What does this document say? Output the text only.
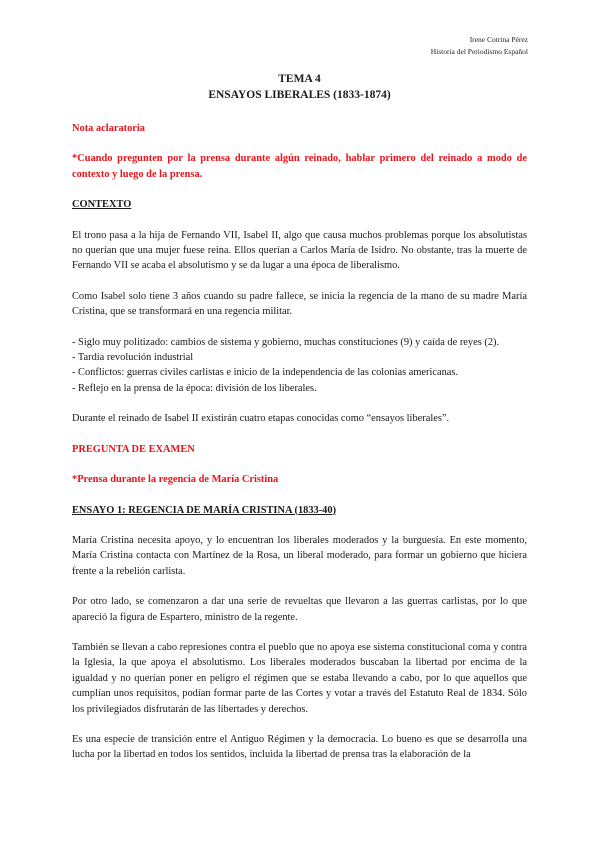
Irene Cotrina Pérez
Historia del Periodismo Español

TEMA 4

ENSAYOS LIBERALES (1833-1874)

Nota aclaratoria

*Cuando pregunten por la prensa durante algún reinado, hablar primero del reinado a modo de contexto y luego de la prensa.

CONTEXTO

El trono pasa a la hija de Fernando VII, Isabel II, algo que causa muchos problemas porque los absolutistas no querían que una mujer fuese reina. Ellos querían a Carlos María de Isidro. No obstante, tras la muerte de Fernando VII se acaba el absolutismo y se da lugar a una época de liberalismo.

Como Isabel solo tiene 3 años cuando su padre fallece, se inicia la regencia de la mano de su madre María Cristina, que se transformará en una regencia militar.

- Siglo muy politizado: cambios de sistema y gobierno, muchas constituciones (9) y caída de reyes (2).

- Tardía revolución industrial

- Conflictos: guerras civiles carlistas e inicio de la independencia de las colonias americanas.

- Reflejo en la prensa de la época: división de los liberales.

Durante el reinado de Isabel II existirán cuatro etapas conocidas como “ensayos liberales”.

PREGUNTA DE EXAMEN

*Prensa durante la regencia de María Cristina

ENSAYO 1: REGENCIA DE MARÍA CRISTINA (1833-40)

María Cristina necesita apoyo, y lo encuentran los liberales moderados y la burguesía. En este momento, María Cristina contacta con Martínez de la Rosa, un liberal moderado, para formar un gobierno que hiciera frente a la rebelión carlista.

Por otro lado, se comenzaron a dar una serie de revueltas que llevaron a las guerras carlistas, por lo que apareció la figura de Espartero, ministro de la regente.

También se llevan a cabo represiones contra el pueblo que no apoya ese sistema constitucional coma y contra la Iglesia, la que apoya el absolutismo. Los liberales moderados buscaban la libertad por encima de la igualdad y no querían poner en peligro el régimen que se estaba llevando a cabo, por lo que aquellos que cumplían unos requisitos, podían formar parte de las Cortes y votar a través del Estatuto Real de 1834. Sólo los privilegiados disfrutarán de las libertades y derechos.

Es una especie de transición entre el Antiguo Régimen y la democracia. Lo bueno es que se desarrolla una lucha por la libertad en todos los sentidos, incluida la libertad de prensa tras la elaboración de la
